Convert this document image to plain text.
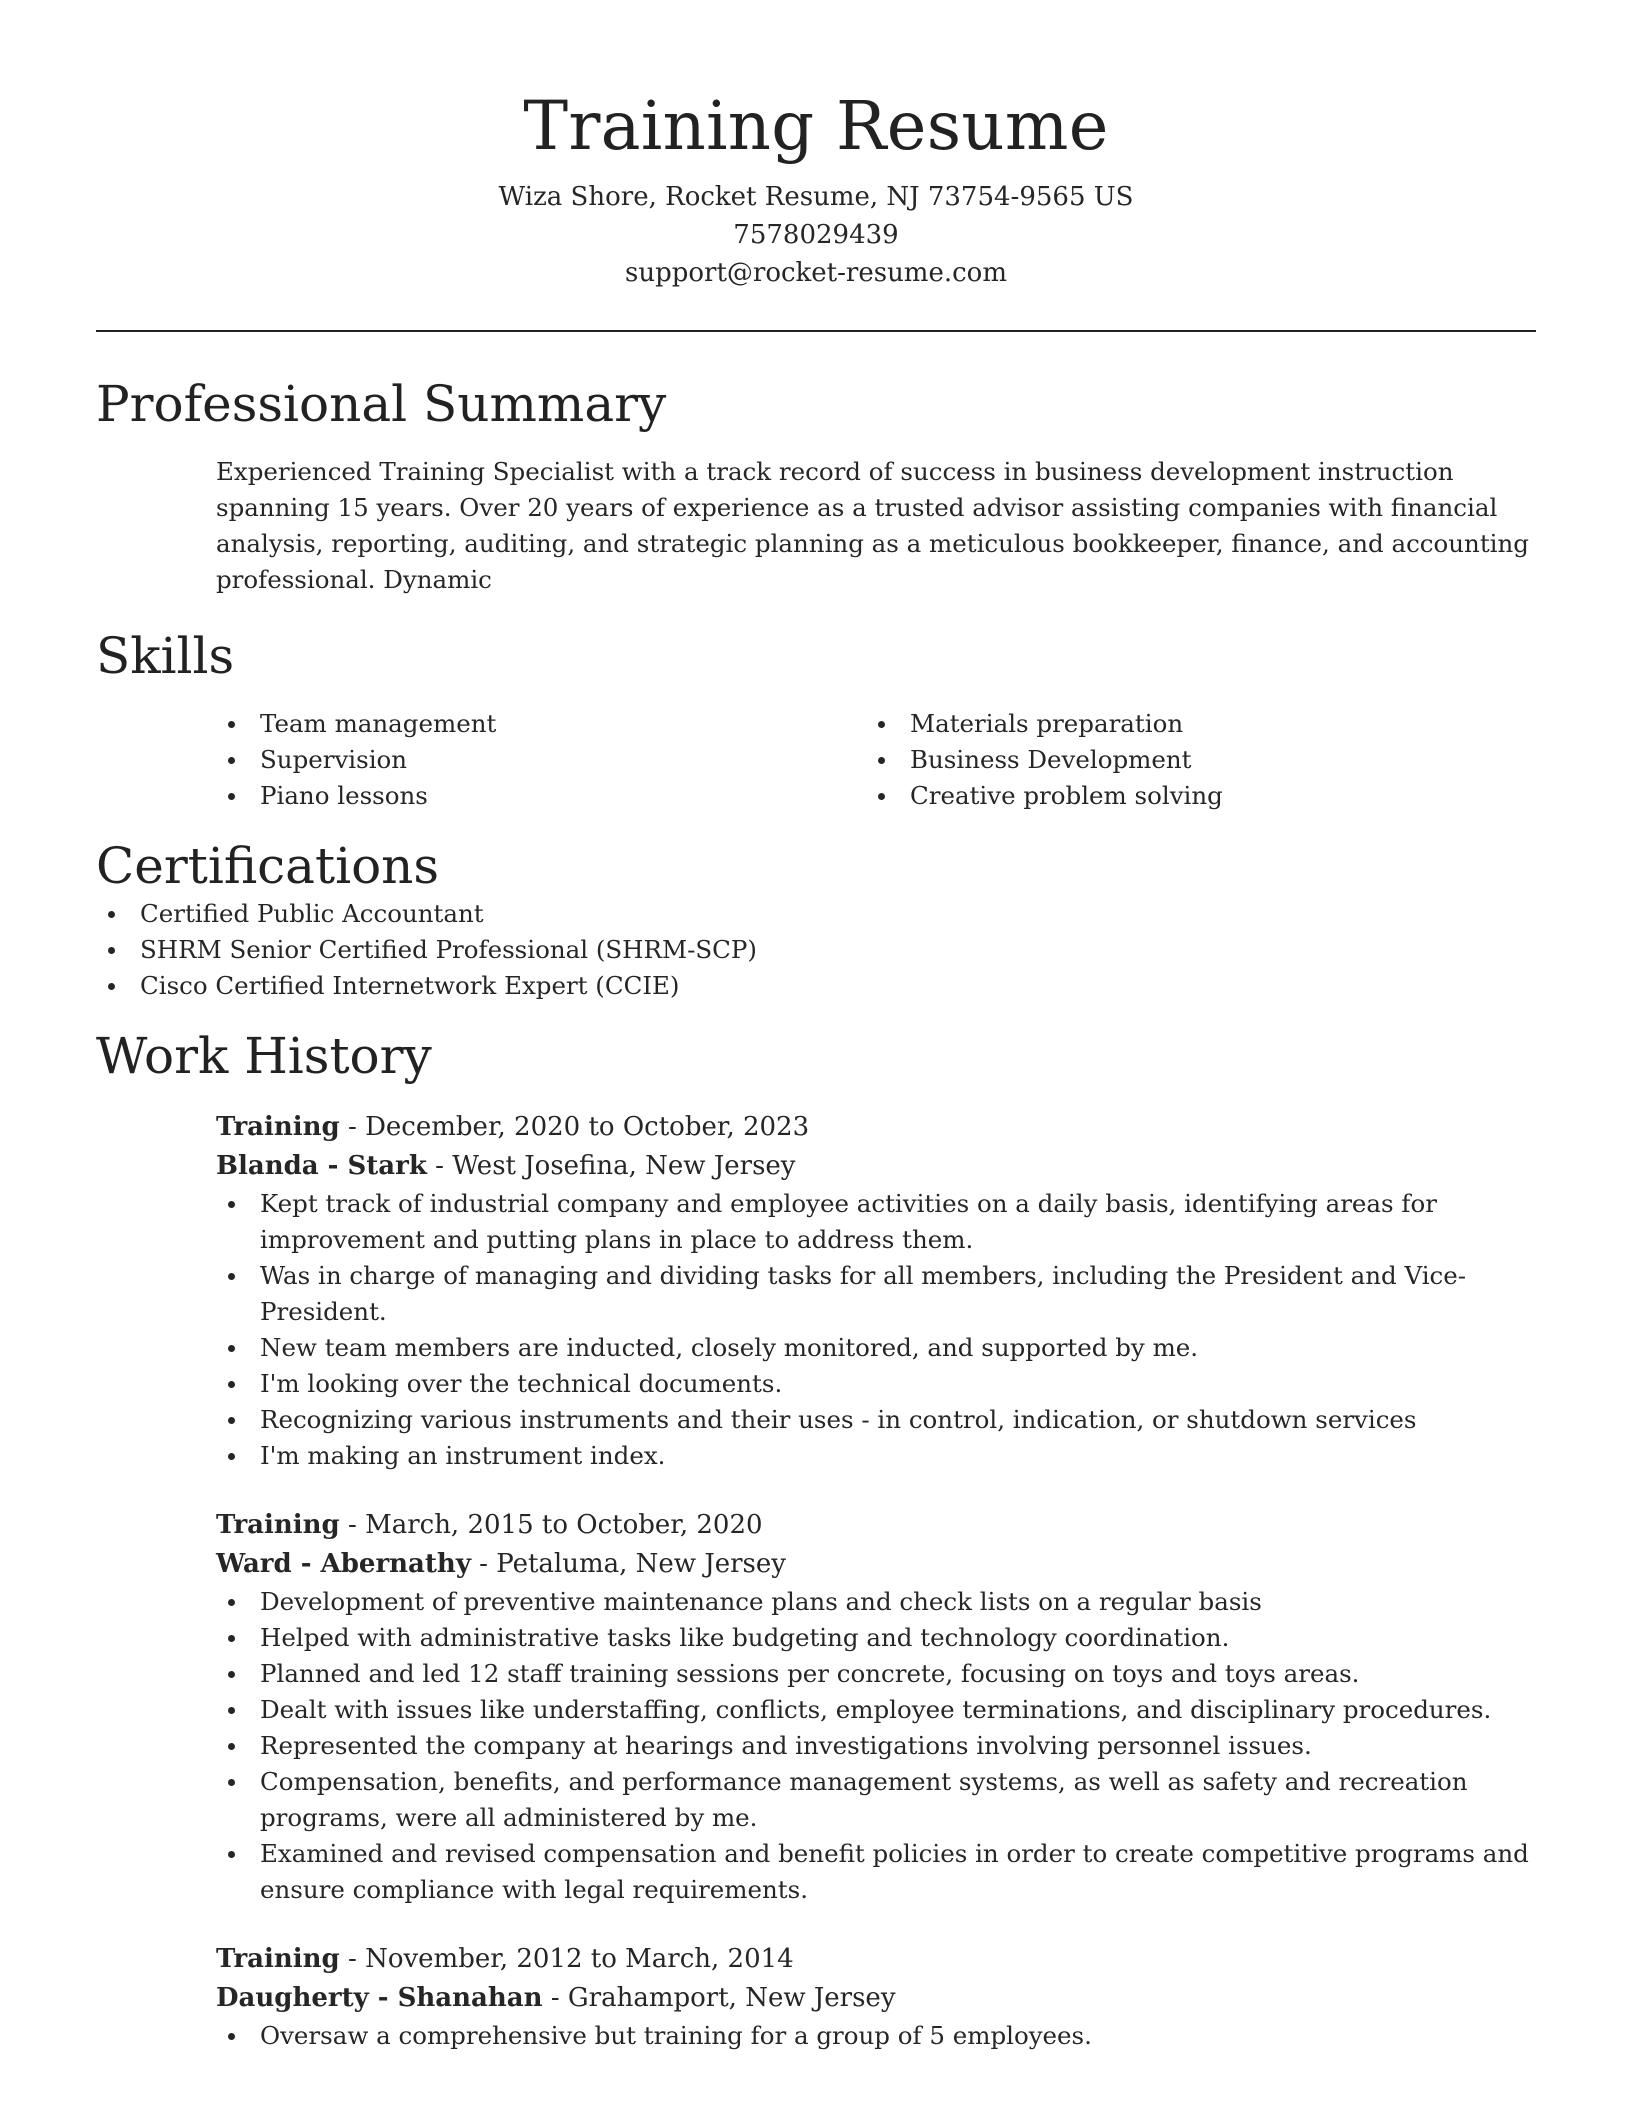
Training Resume
Wiza Shore, Rocket Resume, NJ 73754-9565 US
7578029439
support@rocket-resume.com
Professional Summary

Experienced Training Specialist with a track record of success in business development instruction spanning 15 years. Over 20 years of experience as a trusted advisor assisting companies with financial analysis, reporting, auditing, and strategic planning as a meticulous bookkeeper, finance, and accounting professional. Dynamic

Skills
Team management
Supervision
Piano lessons
Materials preparation
Business Development
Creative problem solving
Certifications
Certified Public Accountant
SHRM Senior Certified Professional (SHRM-SCP)
Cisco Certified Internetwork Expert (CCIE)
Work History
Training - December, 2020 to October, 2023
Blanda - Stark - West Josefina, New Jersey
Kept track of industrial company and employee activities on a daily basis, identifying areas for improvement and putting plans in place to address them.
Was in charge of managing and dividing tasks for all members, including the President and Vice-President.
New team members are inducted, closely monitored, and supported by me.
I'm looking over the technical documents.
Recognizing various instruments and their uses - in control, indication, or shutdown services
I'm making an instrument index.
Training - March, 2015 to October, 2020
Ward - Abernathy - Petaluma, New Jersey
Development of preventive maintenance plans and check lists on a regular basis
Helped with administrative tasks like budgeting and technology coordination.
Planned and led 12 staff training sessions per concrete, focusing on toys and toys areas.
Dealt with issues like understaffing, conflicts, employee terminations, and disciplinary procedures.
Represented the company at hearings and investigations involving personnel issues.
Compensation, benefits, and performance management systems, as well as safety and recreation programs, were all administered by me.
Examined and revised compensation and benefit policies in order to create competitive programs and ensure compliance with legal requirements.
Training - November, 2012 to March, 2014
Daugherty - Shanahan - Grahamport, New Jersey
Oversaw a comprehensive but training for a group of 5 employees.
